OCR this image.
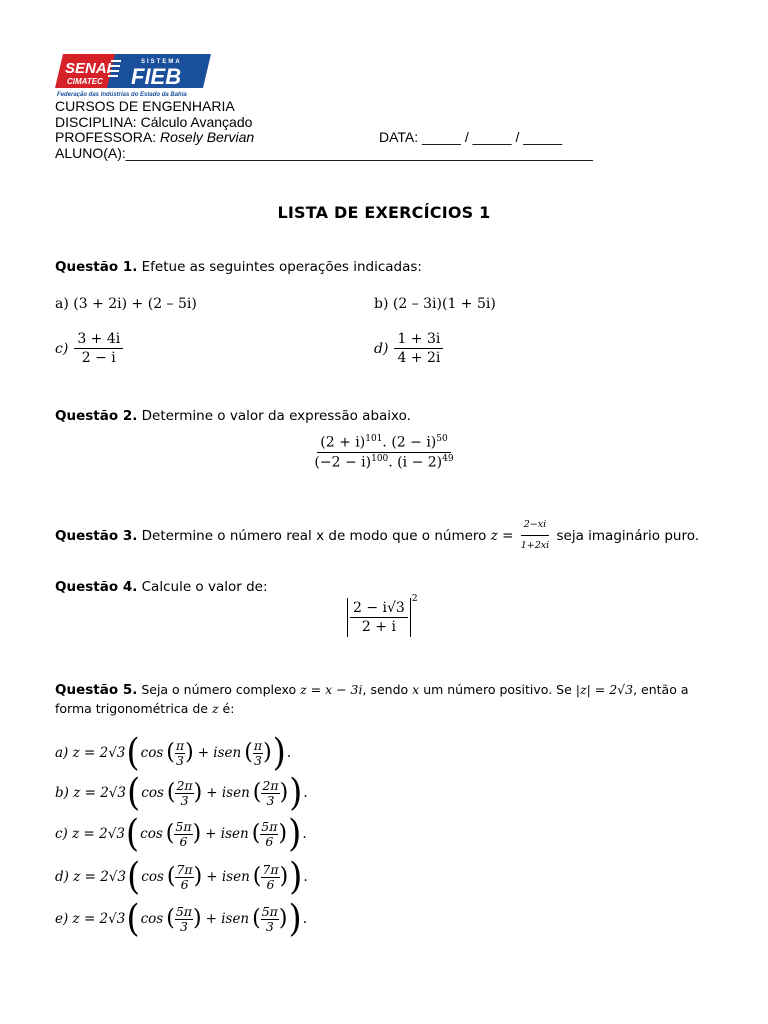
SENAI
CIMATEC
SISTEMA
FIEB
Federação das Indústrias do Estado da Bahia
CURSOS DE ENGENHARIA
DISCIPLINA: Cálculo Avançado
PROFESSORA: Rosely Bervian	DATA: _____ / _____ / _____
ALUNO(A):____________________________________________________________
LISTA DE EXERCÍCIOS 1
Questão 1. Efetue as seguintes operações indicadas:
a) (3 + 2i) + (2 – 5i)	b) (2 – 3i)(1 + 5i)
$c) \frac{3 + 4i}{2 - i}$	$d) \frac{1 + 3i}{4 + 2i}$
Questão 2. Determine o valor da expressão abaixo.
$\frac{(2 + i)^{101}. (2 - i)^{50}}{(-2 - i)^{100}. (i - 2)^{49}}$
Questão 3. Determine o número real x de modo que o número $z = \frac{2-xi}{1+2xi}$ seja imaginário puro.
Questão 4. Calcule o valor de:
$\frac{2 - i√3}{2 + i}$
$^2$
Questão 5. Seja o número complexo z = x − 3i, sendo x um número positivo. Se |z| = 2√3, então a
forma trigonométrica de z é:
a) z = 2√3 ( cos ( $\frac{\pi}{3}$ ) + isen ( $\frac{\pi}{3}$ ) ) .
b) z = 2√3 ( cos ( $\frac{2\pi}{3}$ ) + isen ( $\frac{2\pi}{3}$ ) ) .
c) z = 2√3 ( cos ( $\frac{5\pi}{6}$ ) + isen ( $\frac{5\pi}{6}$ ) ) .
d) z = 2√3 ( cos ( $\frac{7\pi}{6}$ ) + isen ( $\frac{7\pi}{6}$ ) ) .
e) z = 2√3 ( cos ( $\frac{5\pi}{3}$ ) + isen ( $\frac{5\pi}{3}$ ) ) .
